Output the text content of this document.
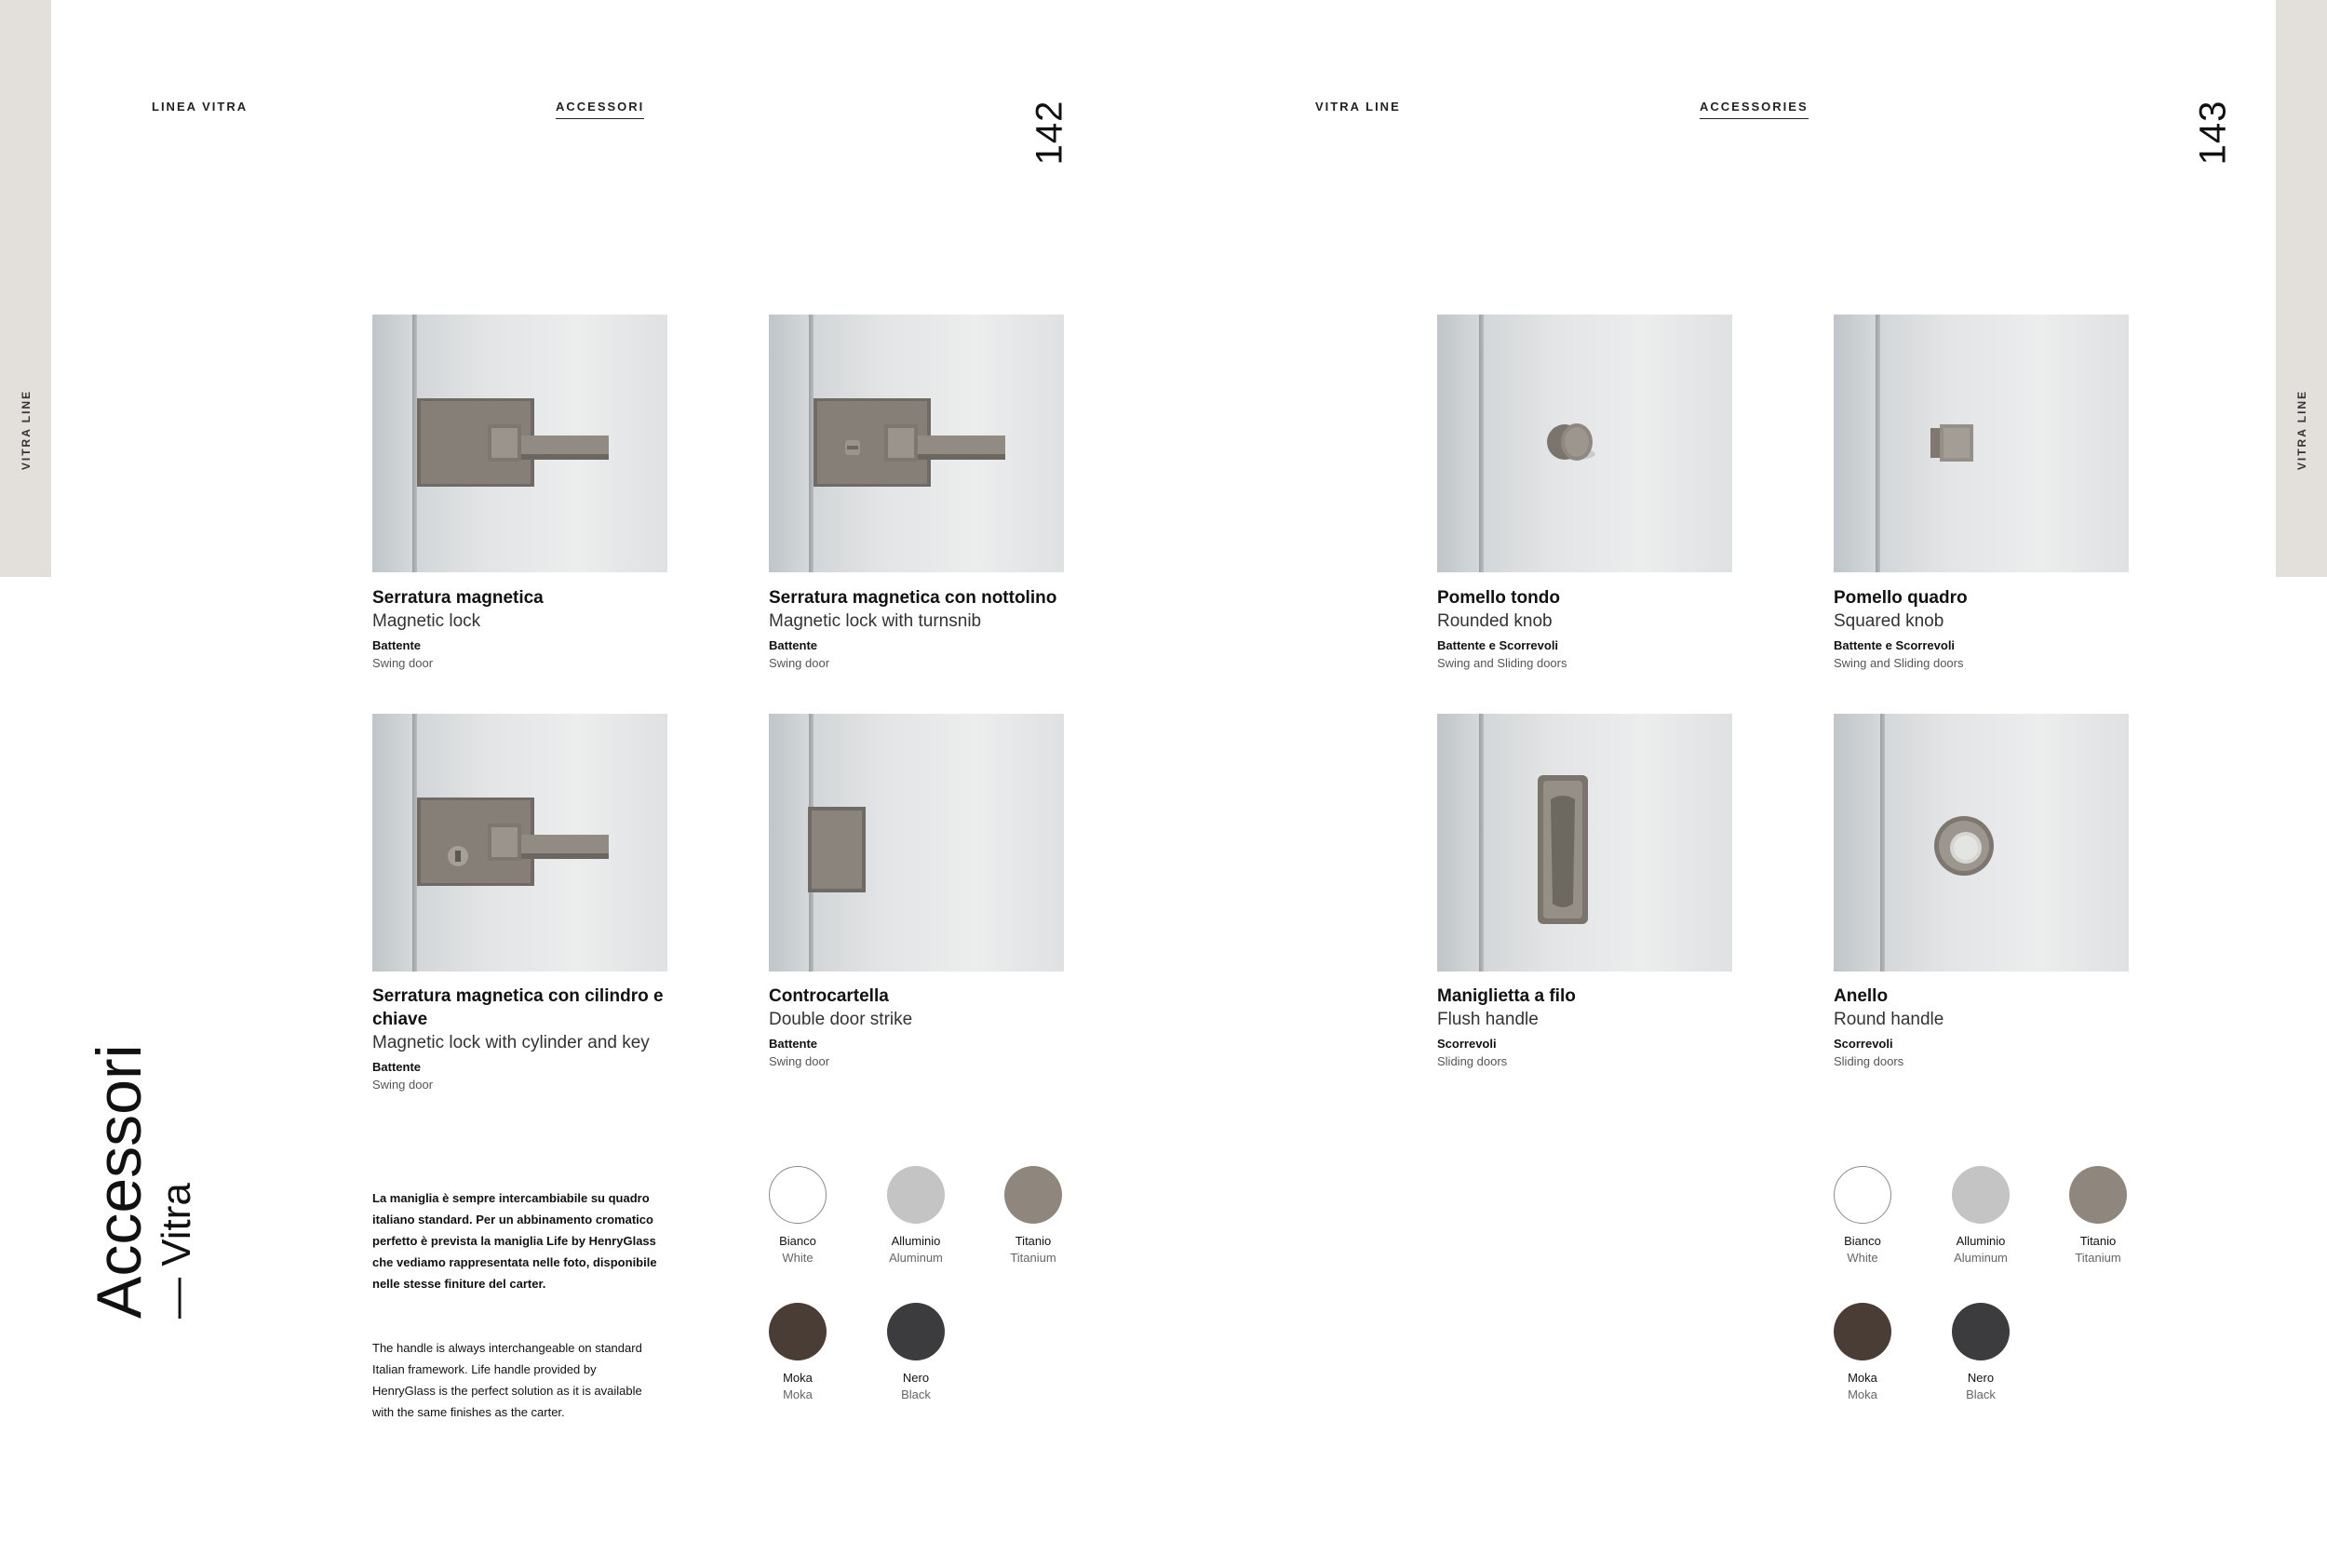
VITRA LINE	VITRA LINE
LINEA VITRA	ACCESSORI	142	VITRA LINE	ACCESSORIES	143
Serratura magnetica
Magnetic lock
Battente
Swing door
Serratura magnetica con nottolino
Magnetic lock with turnsnib
Battente
Swing door
Serratura magnetica con cilindro e chiave
Magnetic lock with cylinder and key
Battente
Swing door
Controcartella
Double door strike
Battente
Swing door
Accessori — Vitra	La maniglia è sempre intercambiabile su quadro italiano standard. Per un abbinamento cromatico perfetto è prevista la maniglia Life by HenryGlass che vediamo rappresentata nelle foto, disponibile nelle stesse finiture del carter.
The handle is always interchangeable on standard Italian framework. Life handle provided by HenryGlass is the perfect solution as it is available with the same finishes as the carter.
Bianco
White
Alluminio
Aluminum
Titanio
Titanium
Moka
Moka
Nero
Black
Pomello tondo
Rounded knob
Battente e Scorrevoli
Swing and Sliding doors
Pomello quadro
Squared knob
Battente e Scorrevoli
Swing and Sliding doors
Maniglietta a filo
Flush handle
Scorrevoli
Sliding doors
Anello
Round handle
Scorrevoli
Sliding doors
Bianco
White
Alluminio
Aluminum
Titanio
Titanium
Moka
Moka
Nero
Black
